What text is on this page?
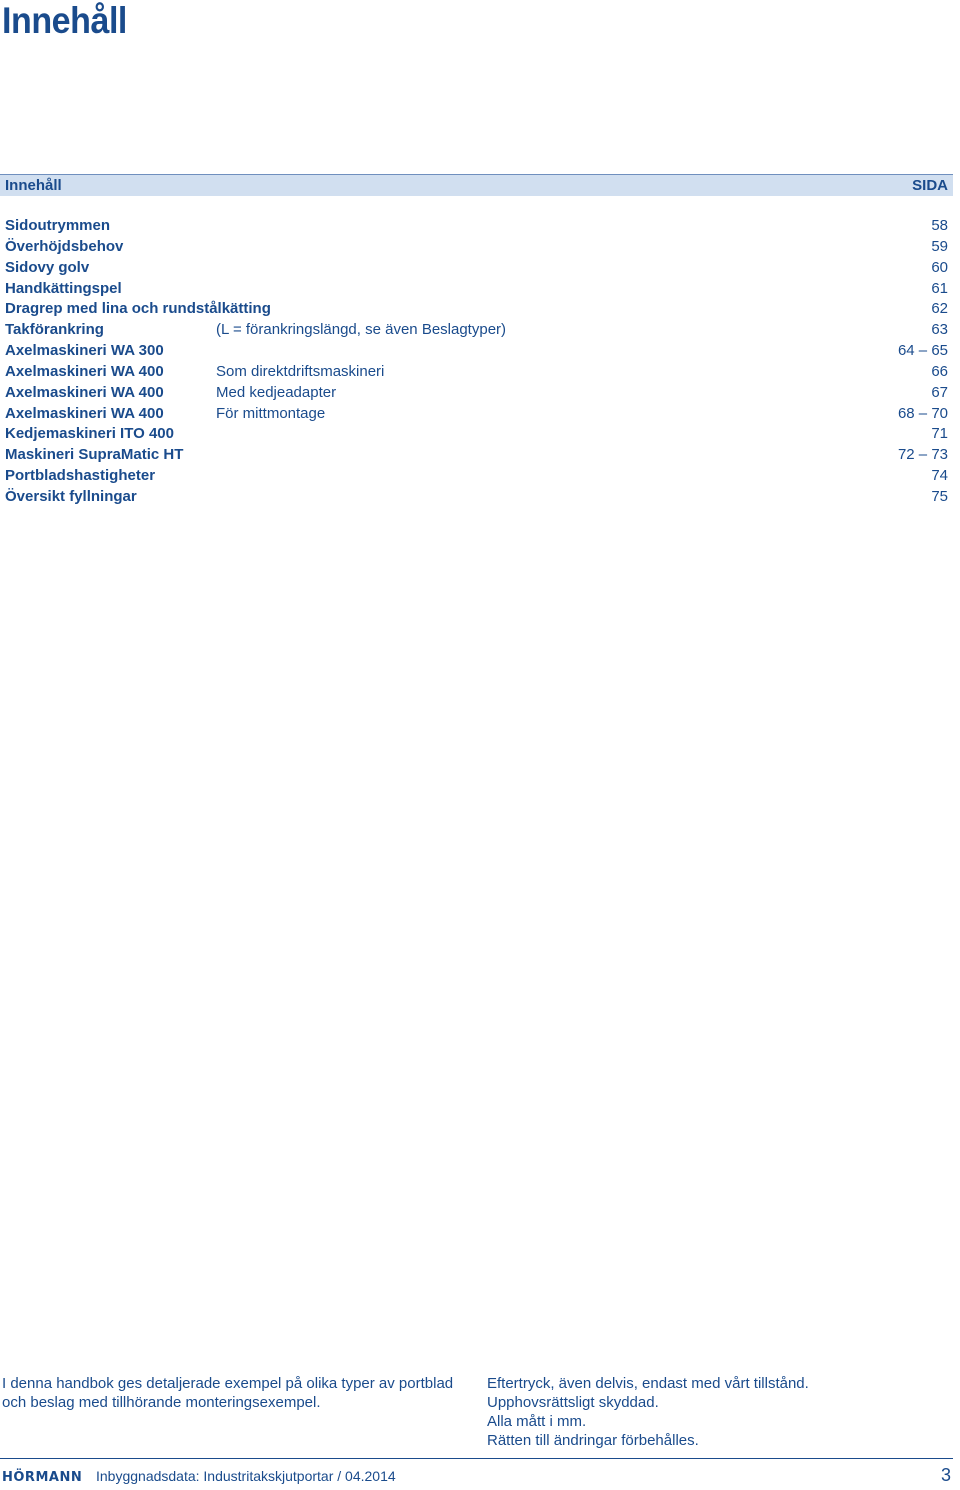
Innehåll
Innehåll	SIDA
Sidoutrymmen	58
Överhöjdsbehov	59
Sidovy golv	60
Handkättingspel	61
Dragrep med lina och rundstålkätting	62
Takförankring	(L = förankringslängd, se även Beslagtyper)	63
Axelmaskineri WA 300	64 – 65
Axelmaskineri WA 400	Som direktdriftsmaskineri	66
Axelmaskineri WA 400	Med kedjeadapter	67
Axelmaskineri WA 400	För mittmontage	68 – 70
Kedjemaskineri ITO 400	71
Maskineri SupraMatic HT	72 – 73
Portbladshastigheter	74
Översikt fyllningar	75
I denna handbok ges detaljerade exempel på olika typer av portblad
och beslag med tillhörande monteringsexempel.
Eftertryck, även delvis, endast med vårt tillstånd.
Upphovsrättsligt skyddad.
Alla mått i mm.
Rätten till ändringar förbehålles.
HÖRMANN Inbyggnadsdata: Industritakskjutportar / 04.2014	3
